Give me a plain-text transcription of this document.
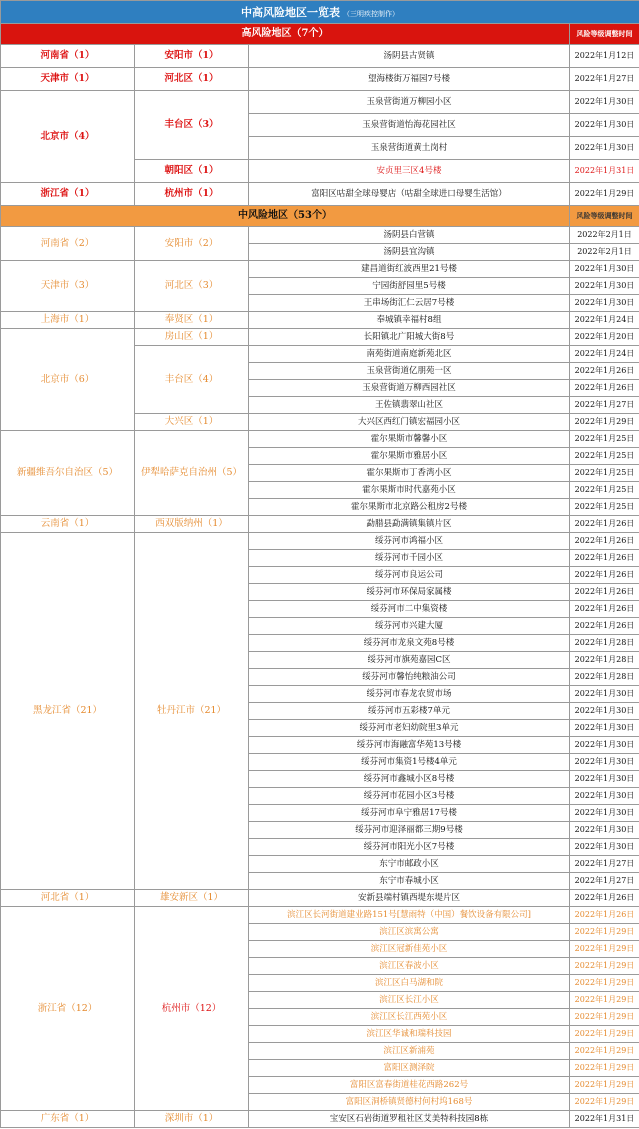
中高风险地区一览表 （三明疾控制作）			
高风险地区（7个）			风险等级调整时间
河南省（1）	安阳市（1）	汤阴县古贤镇	2022年1月12日
天津市（1）	河北区（1）	望海楼街万福园7号楼	2022年1月27日
北京市（4）	丰台区（3）	玉泉营街道万柳园小区	2022年1月30日
		玉泉营街道怡海花园社区	2022年1月30日
		玉泉营街道黄土岗村	2022年1月30日
	朝阳区（1）	安贞里三区4号楼	2022年1月31日
浙江省（1）	杭州市（1）	富阳区咕甜全球母婴店（咕甜全球进口母婴生活馆）	2022年1月29日
中风险地区（53个）			风险等级调整时间
河南省（2）	安阳市（2）	汤阴县白营镇	2022年2月1日
		汤阴县宜沟镇	2022年2月1日
天津市（3）	河北区（3）	建昌道街红波西里21号楼	2022年1月30日
		宁园街舒园里5号楼	2022年1月30日
		王串场街汇仁云居7号楼	2022年1月30日
上海市（1）	奉贤区（1）	奉城镇幸福村8组	2022年1月24日
北京市（6）	房山区（1）	长阳镇北广阳城大街8号	2022年1月20日
	丰台区（4）	南苑街道南庭新苑北区	2022年1月24日
		玉泉营街道亿朋苑一区	2022年1月26日
		玉泉营街道万柳西园社区	2022年1月26日
		王佐镇翡翠山社区	2022年1月27日
	大兴区（1）	大兴区西红门镇宏福园小区	2022年1月29日
新疆维吾尔自治区（5）	伊犁哈萨克自治州（5）	霍尔果斯市馨馨小区	2022年1月25日
		霍尔果斯市雅居小区	2022年1月25日
		霍尔果斯市丁香湾小区	2022年1月25日
		霍尔果斯市时代嘉苑小区	2022年1月25日
		霍尔果斯市北京路公租房2号楼	2022年1月25日
云南省（1）	西双版纳州（1）	勐腊县勐满镇集镇片区	2022年1月26日
黑龙江省（21）	牡丹江市（21）	绥芬河市鸿福小区	2022年1月26日
		绥芬河市千园小区	2022年1月26日
		绥芬河市良运公司	2022年1月26日
		绥芬河市环保局家属楼	2022年1月26日
		绥芬河市二中集资楼	2022年1月26日
		绥芬河市兴建大厦	2022年1月26日
		绥芬河市龙泉文苑8号楼	2022年1月28日
		绥芬河市旗苑嘉园C区	2022年1月28日
		绥芬河市馨怡纯粮油公司	2022年1月28日
		绥芬河市春龙农贸市场	2022年1月30日
		绥芬河市五彩楼7单元	2022年1月30日
		绥芬河市老妇幼院里3单元	2022年1月30日
		绥芬河市海融富华苑13号楼	2022年1月30日
		绥芬河市集资1号楼4单元	2022年1月30日
		绥芬河市鑫城小区8号楼	2022年1月30日
		绥芬河市花园小区3号楼	2022年1月30日
		绥芬河市阜宁雅居17号楼	2022年1月30日
		绥芬河市迎泽丽都三期9号楼	2022年1月30日
		绥芬河市阳光小区7号楼	2022年1月30日
		东宁市邮政小区	2022年1月27日
		东宁市春城小区	2022年1月27日
河北省（1）	雄安新区（1）	安新县端村镇西堤东堤片区	2022年1月26日
浙江省（12）	杭州市（12）	滨江区长河街道建业路151号[慧雨特（中国）餐饮设备有限公司]	2022年1月26日
		滨江区滨寓公寓	2022年1月29日
		滨江区冠新佳苑小区	2022年1月29日
		滨江区春波小区	2022年1月29日
		滨江区白马湖和院	2022年1月29日
		滨江区长江小区	2022年1月29日
		滨江区长江西苑小区	2022年1月29日
		滨江区华诚和瑞科技园	2022年1月29日
		滨江区新浦苑	2022年1月29日
		富阳区测泽院	2022年1月29日
		富阳区富春街道桂花西路262号	2022年1月29日
		富阳区洞桥镇贤德村何村坞168号	2022年1月29日
广东省（1）	深圳市（1）	宝安区石岩街道罗租社区艾美特科技园8栋	2022年1月31日
